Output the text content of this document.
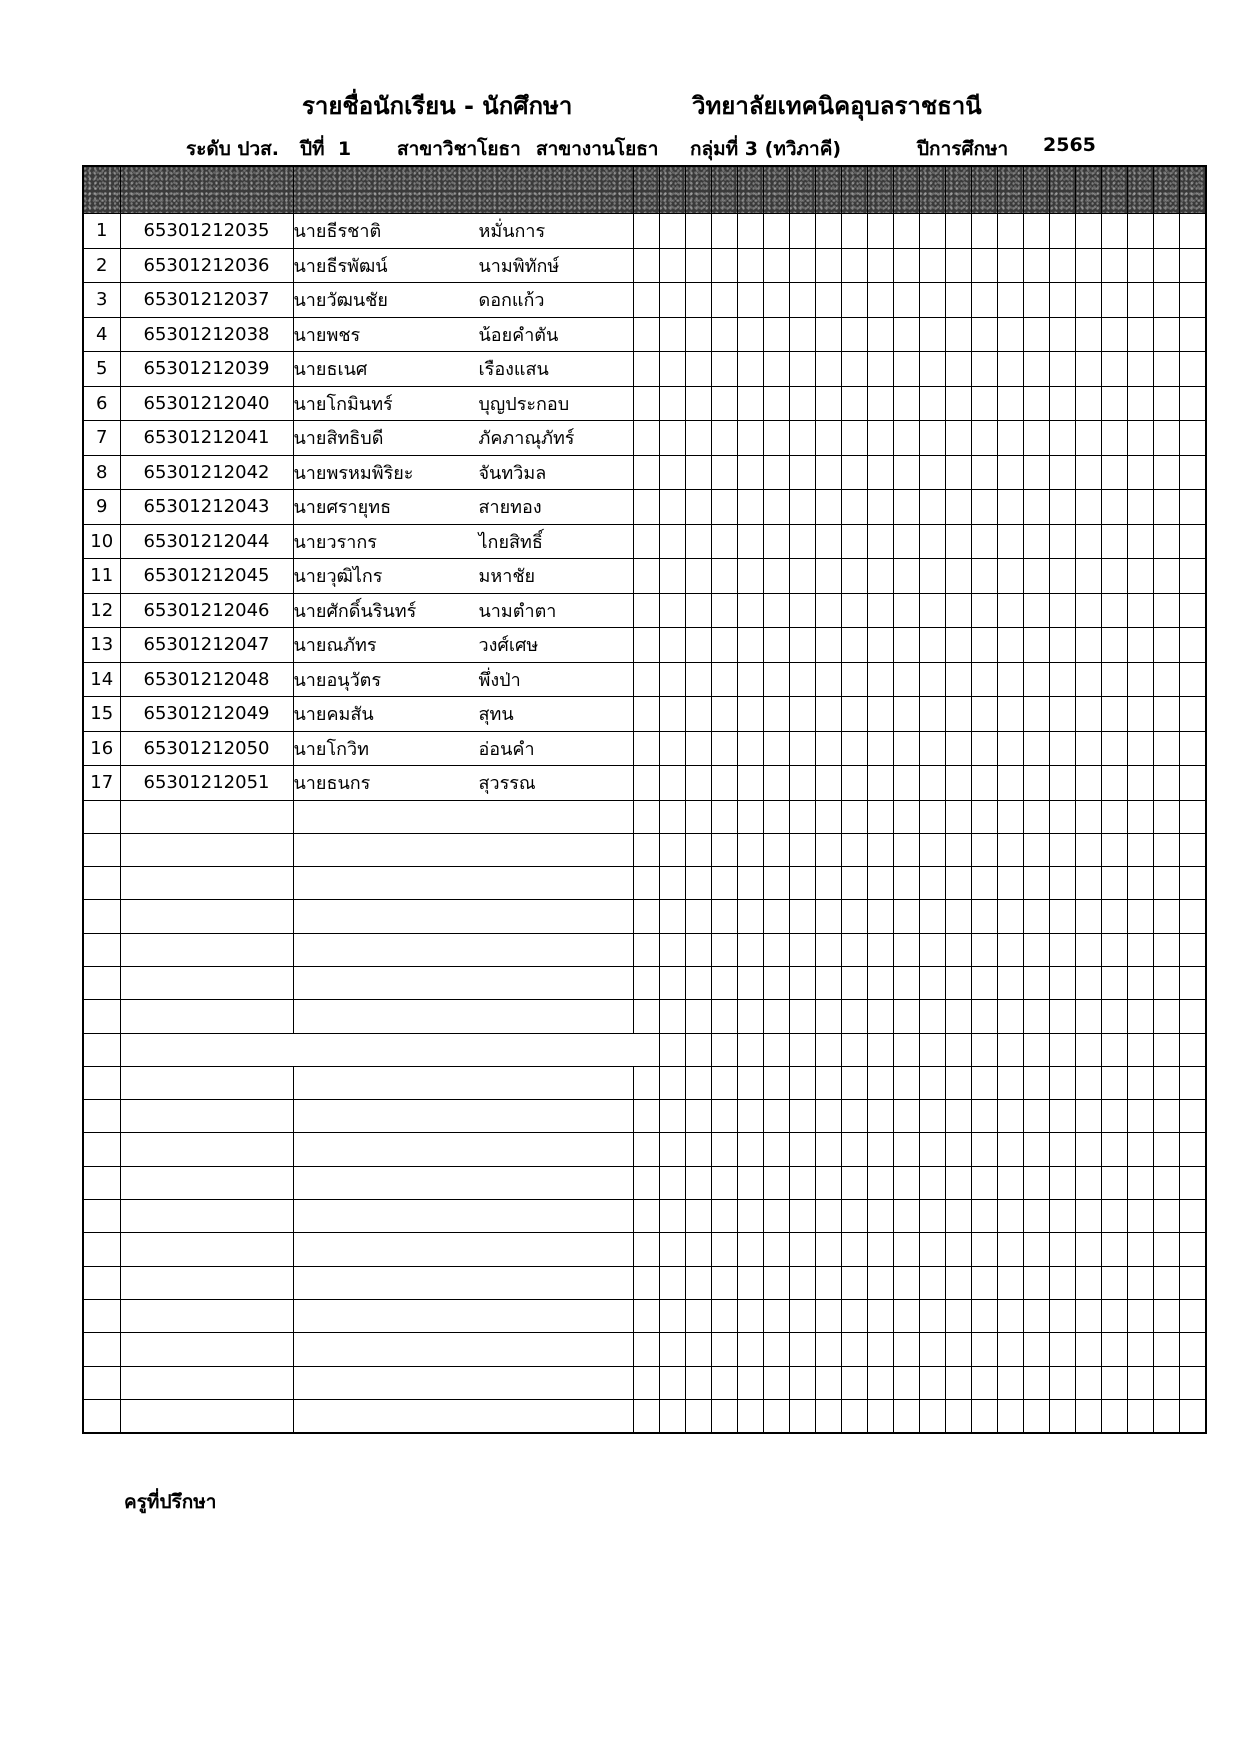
รายชื่อนักเรียน - นักศึกษา	วิทยาลัยเทคนิคอุบลราชธานี
ระดับ ปวส. ปีที่  1 สาขาวิชาโยธา สาขางานโยธา กลุ่มที่ 3 (ทวิภาคี)	ปีการศึกษา 2565

1	65301212035	นายธีรชาติ หมั่นการ																						
2	65301212036	นายธีรพัฒน์ นามพิทักษ์																						
3	65301212037	นายวัฒนชัย ดอกแก้ว																						
4	65301212038	นายพชร น้อยคำตัน																						
5	65301212039	นายธเนศ เรืองแสน																						
6	65301212040	นายโกมินทร์ บุญประกอบ																						
7	65301212041	นายสิทธิบดี ภัคภาณุภัทร์																						
8	65301212042	นายพรหมพิริยะ จันทวิมล																						
9	65301212043	นายศรายุทธ สายทอง																						
10	65301212044	นายวรากร ไกยสิทธิ์																						
11	65301212045	นายวุฒิไกร มหาชัย																						
12	65301212046	นายศักดิ์นรินทร์ นามตำตา																						
13	65301212047	นายณภัทร วงศ์เศษ																						
14	65301212048	นายอนุวัตร พึ่งป่า																						
15	65301212049	นายคมสัน สุทน																						
16	65301212050	นายโกวิท อ่อนคำ																						
17	65301212051	นายธนกร สุวรรณ																						

ครูที่ปรึกษา
